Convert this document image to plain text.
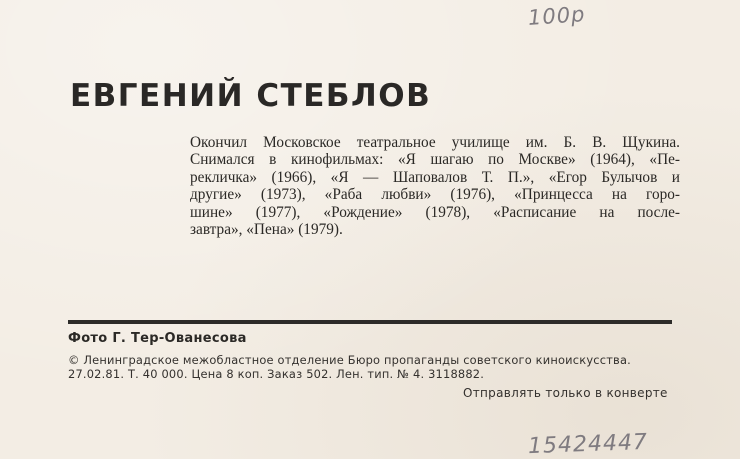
100р
ЕВГЕНИЙ СТЕБЛОВ
Окончил Московское театральное училище им. Б. В. Щукина.
Снимался в кинофильмах: «Я шагаю по Москве» (1964), «Пе-
рекличка» (1966), «Я — Шаповалов Т. П.», «Егор Булычов и
другие» (1973), «Раба любви» (1976), «Принцесса на горо-
шине» (1977), «Рождение» (1978), «Расписание на после-
завтра», «Пена» (1979).
Фото Г. Тер-Ованесова
© Ленинградское межобластное отделение Бюро пропаганды советского киноискусства.
27.02.81. Т. 40 000. Цена 8 коп. Заказ 502. Лен. тип. № 4. 3118882.
Отправлять только в конверте
15424447
